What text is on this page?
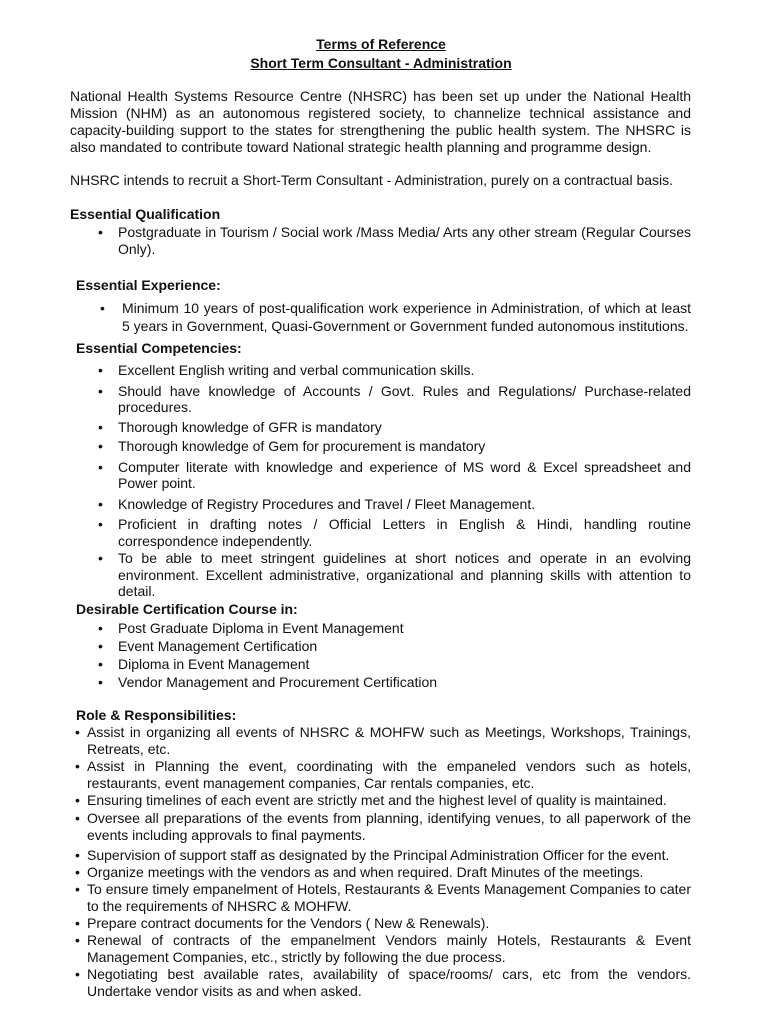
Terms of Reference
Short Term Consultant - Administration
National Health Systems Resource Centre (NHSRC) has been set up under the National Health Mission (NHM) as an autonomous registered society, to channelize technical assistance and capacity-building support to the states for strengthening the public health system. The NHSRC is also mandated to contribute toward National strategic health planning and programme design.
NHSRC intends to recruit a Short-Term Consultant - Administration, purely on a contractual basis.
Essential Qualification
• Postgraduate in Tourism / Social work /Mass Media/ Arts any other stream (Regular Courses Only).
Essential Experience:
• Minimum 10 years of post-qualification work experience in Administration, of which at least 5 years in Government, Quasi-Government or Government funded autonomous institutions.
Essential Competencies:
• Excellent English writing and verbal communication skills.
• Should have knowledge of Accounts / Govt. Rules and Regulations/ Purchase-related procedures.
• Thorough knowledge of GFR is mandatory
• Thorough knowledge of Gem for procurement is mandatory
• Computer literate with knowledge and experience of MS word & Excel spreadsheet and Power point.
• Knowledge of Registry Procedures and Travel / Fleet Management.
• Proficient in drafting notes / Official Letters in English & Hindi, handling routine correspondence independently.
• To be able to meet stringent guidelines at short notices and operate in an evolving environment. Excellent administrative, organizational and planning skills with attention to detail.
Desirable Certification Course in:
• Post Graduate Diploma in Event Management
• Event Management Certification
• Diploma in Event Management
• Vendor Management and Procurement Certification
Role & Responsibilities:
• Assist in organizing all events of NHSRC & MOHFW such as Meetings, Workshops, Trainings, Retreats, etc.
• Assist in Planning the event, coordinating with the empaneled vendors such as hotels, restaurants, event management companies, Car rentals companies, etc.
• Ensuring timelines of each event are strictly met and the highest level of quality is maintained.
• Oversee all preparations of the events from planning, identifying venues, to all paperwork of the events including approvals to final payments.
• Supervision of support staff as designated by the Principal Administration Officer for the event.
• Organize meetings with the vendors as and when required. Draft Minutes of the meetings.
• To ensure timely empanelment of Hotels, Restaurants & Events Management Companies to cater to the requirements of NHSRC & MOHFW.
• Prepare contract documents for the Vendors ( New & Renewals).
• Renewal of contracts of the empanelment Vendors mainly Hotels, Restaurants & Event Management Companies, etc., strictly by following the due process.
• Negotiating best available rates, availability of space/rooms/ cars, etc from the vendors. Undertake vendor visits as and when asked.
